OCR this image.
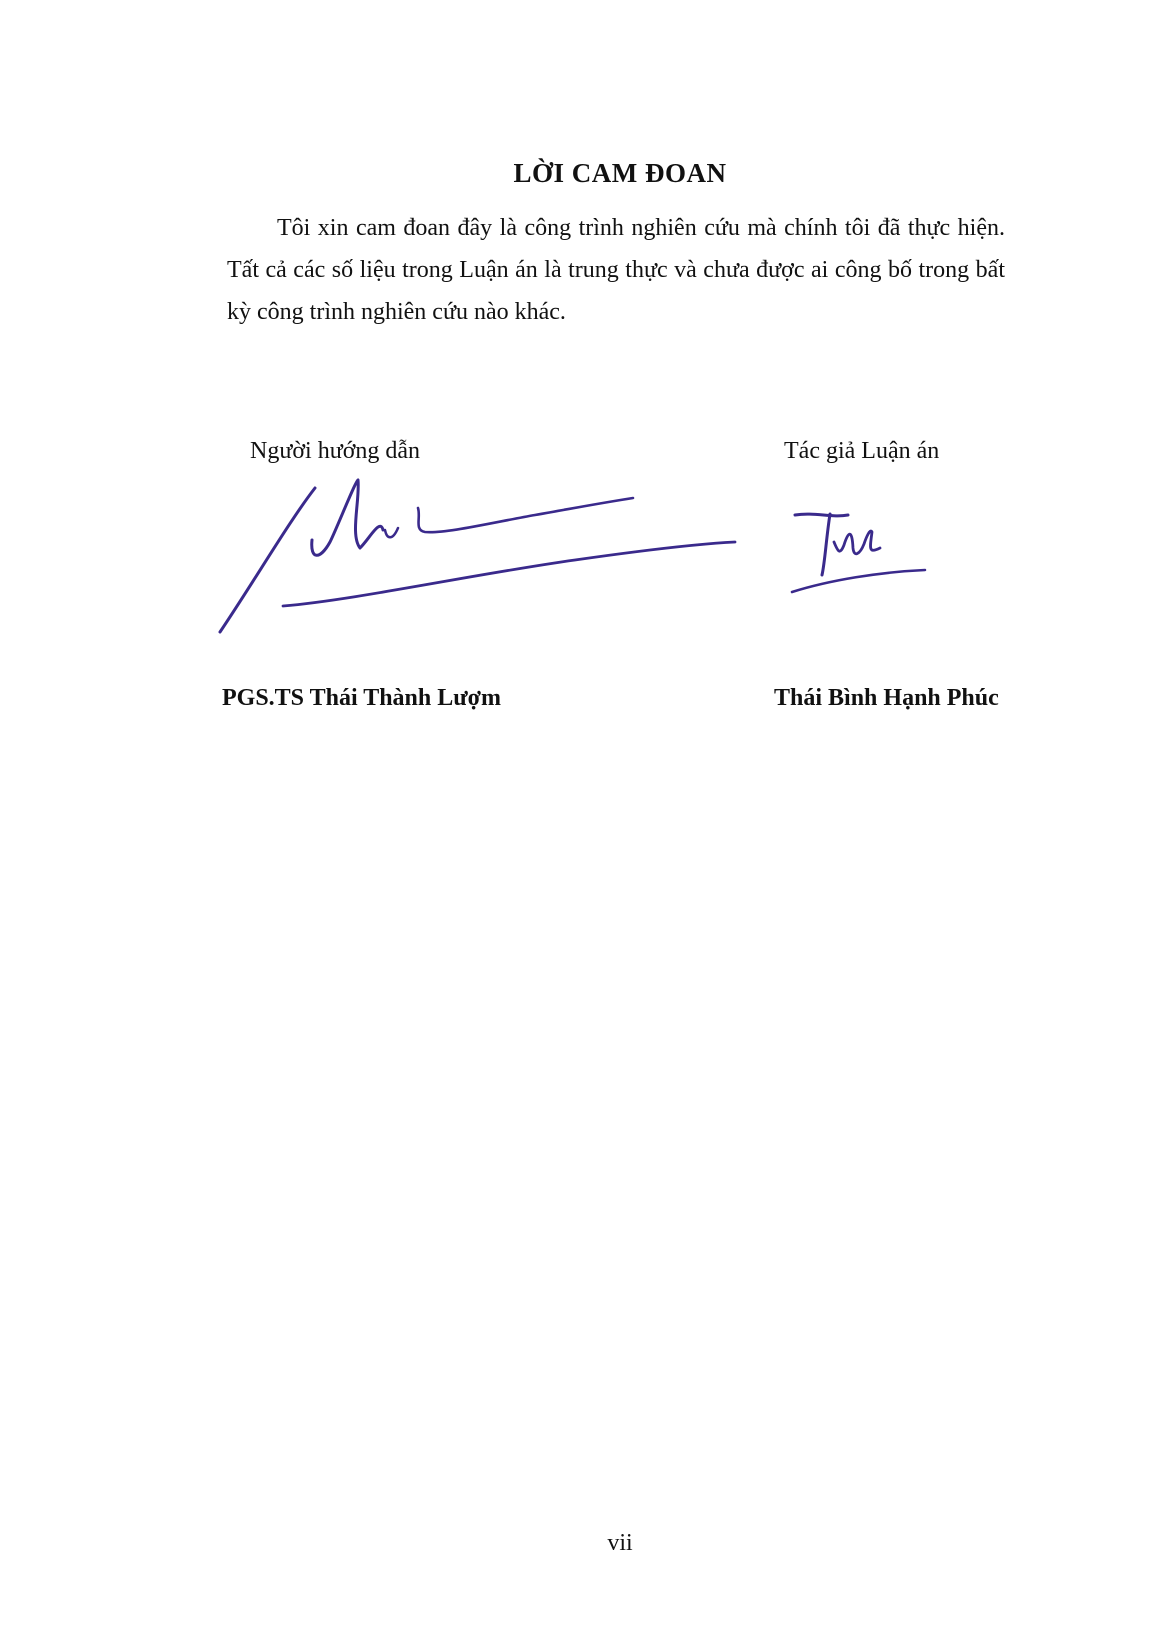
LỜI CAM ĐOAN

Tôi xin cam đoan đây là công trình nghiên cứu mà chính tôi đã thực hiện. Tất cả các số liệu trong Luận án là trung thực và chưa được ai công bố trong bất kỳ công trình nghiên cứu nào khác.

Người hướng dẫn	Tác giả Luận án
PGS.TS Thái Thành Lượm	Thái Bình Hạnh Phúc
vii
